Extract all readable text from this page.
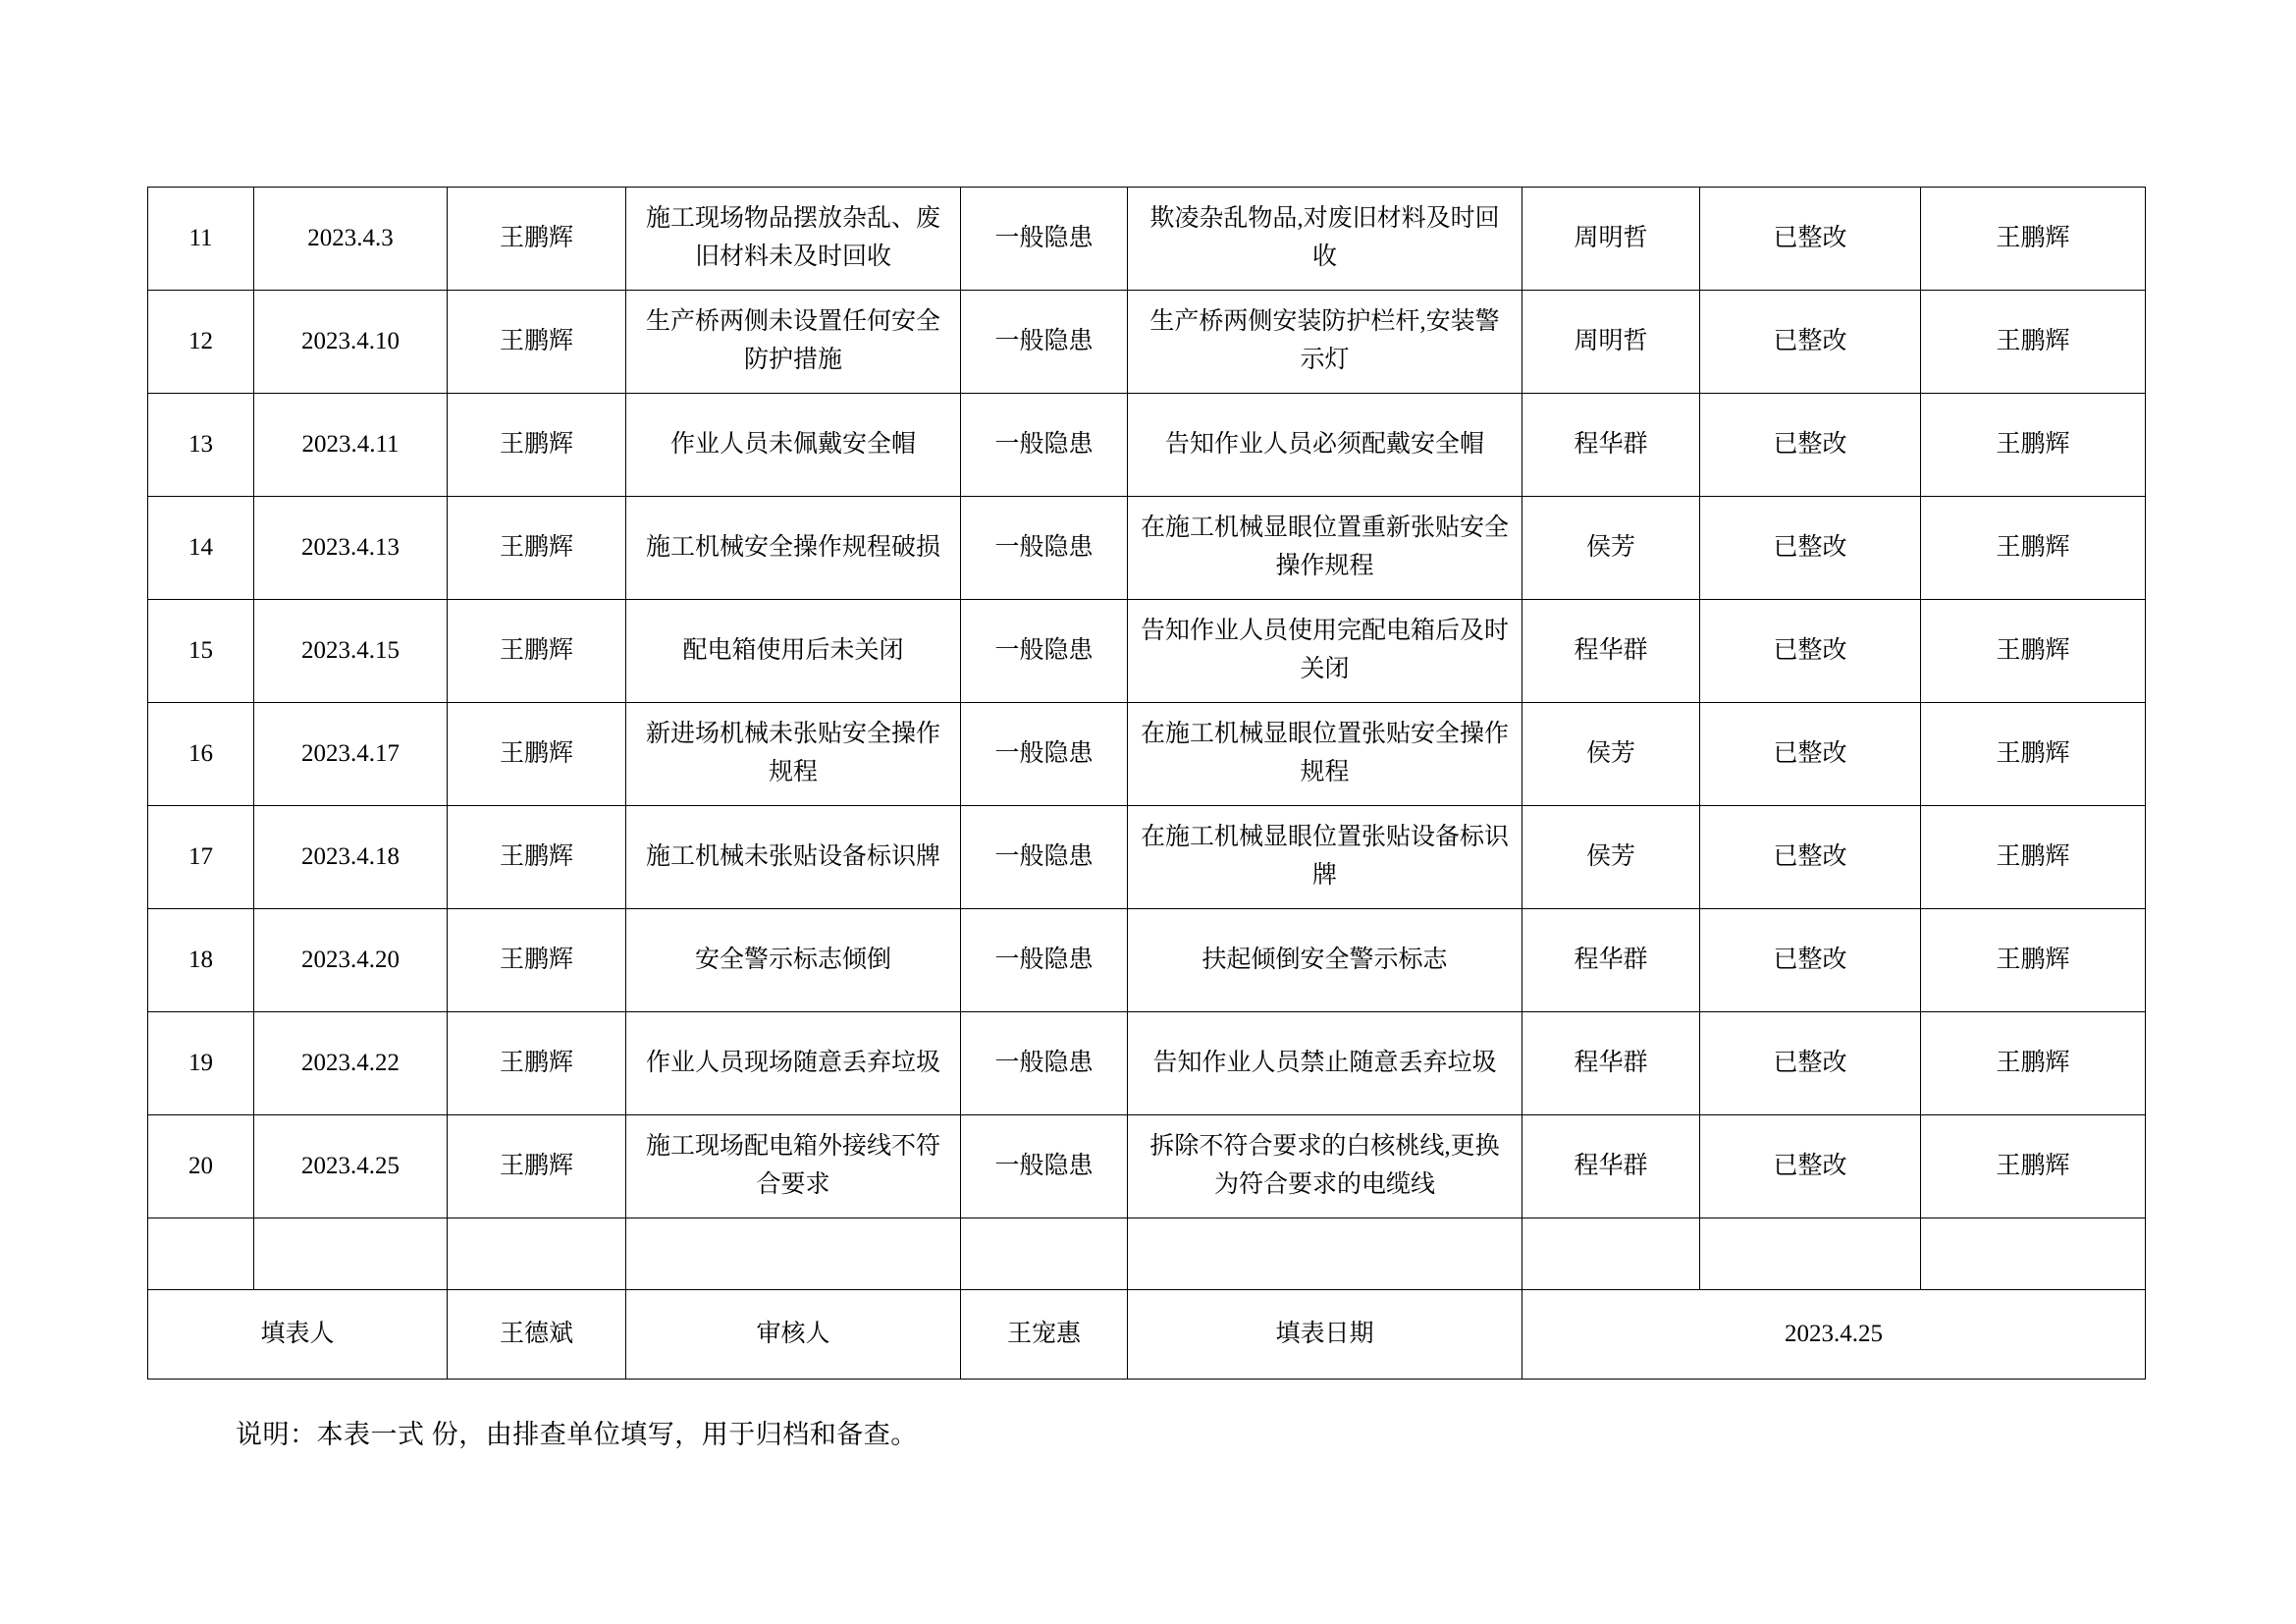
11	2023.4.3	王鹏辉	施工现场物品摆放杂乱、废旧材料未及时回收	一般隐患	欺凌杂乱物品,对废旧材料及时回收	周明哲	已整改	王鹏辉

12	2023.4.10	王鹏辉	生产桥两侧未设置任何安全防护措施	一般隐患	生产桥两侧安装防护栏杆,安装警示灯	周明哲	已整改	王鹏辉

13	2023.4.11	王鹏辉	作业人员未佩戴安全帽	一般隐患	告知作业人员必须配戴安全帽	程华群	已整改	王鹏辉

14	2023.4.13	王鹏辉	施工机械安全操作规程破损	一般隐患	在施工机械显眼位置重新张贴安全操作规程	侯芳	已整改	王鹏辉

15	2023.4.15	王鹏辉	配电箱使用后未关闭	一般隐患	告知作业人员使用完配电箱后及时关闭	程华群	已整改	王鹏辉

16	2023.4.17	王鹏辉	新进场机械未张贴安全操作规程	一般隐患	在施工机械显眼位置张贴安全操作规程	侯芳	已整改	王鹏辉

17	2023.4.18	王鹏辉	施工机械未张贴设备标识牌	一般隐患	在施工机械显眼位置张贴设备标识牌	侯芳	已整改	王鹏辉

18	2023.4.20	王鹏辉	安全警示标志倾倒	一般隐患	扶起倾倒安全警示标志	程华群	已整改	王鹏辉

19	2023.4.22	王鹏辉	作业人员现场随意丢弃垃圾	一般隐患	告知作业人员禁止随意丢弃垃圾	程华群	已整改	王鹏辉

20	2023.4.25	王鹏辉	施工现场配电箱外接线不符合要求	一般隐患	拆除不符合要求的白核桃线,更换为符合要求的电缆线	程华群	已整改	王鹏辉

填表人		王德斌	审核人	王宠惠	填表日期	2023.4.25		
说明：本表一式 份，由排查单位填写，用于归档和备查。
